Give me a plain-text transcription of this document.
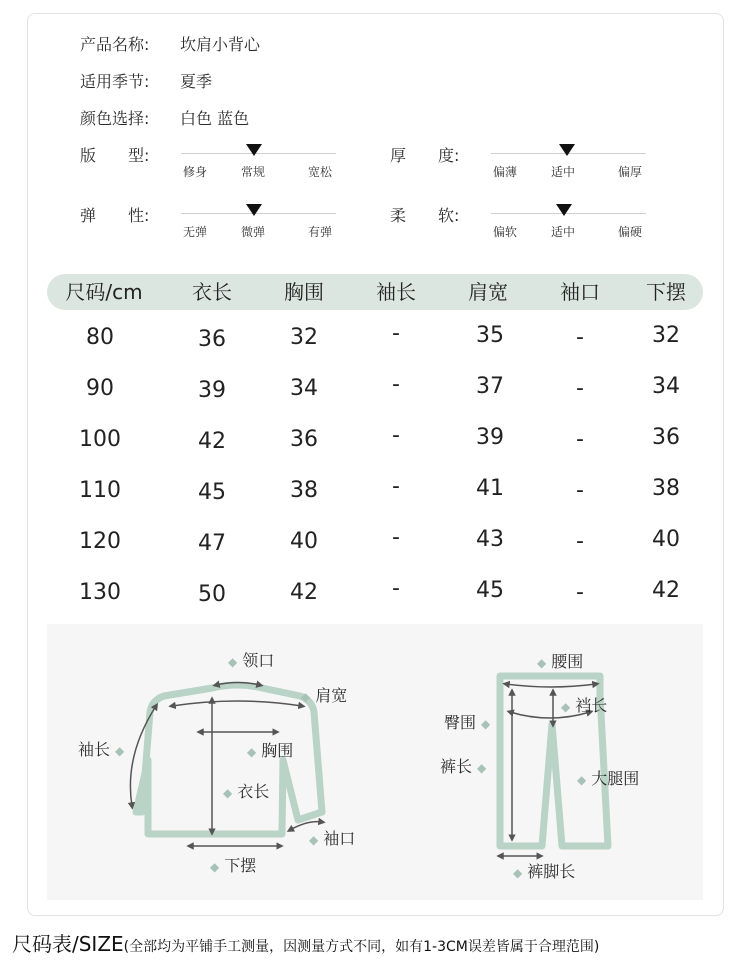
产品名称: 坎肩小背心
适用季节: 夏季
颜色选择: 白色 蓝色
版　　型:
修身	常规	宽松
厚　　度:
偏薄	适中	偏厚
弹　　性:
无弹	微弹	有弹
柔　　软:
偏软	适中	偏硬
尺码/cm 衣长	胸围	袖长	肩宽	袖口 下摆
80	36	32	-	35	-	32
90	39	34	-	37	-	34
100	42	36	-	39	-	36
110	45	38	-	41	-	38
120	47	40	-	43	-	40
130	50	42	-	45	-	42
◆ 领口
◆ 肩宽
袖长 ◆	◆ 胸围
◆ 衣长
◆ 袖口
◆ 下摆
◆ 腰围
◆ 裆长
臀围 ◆
裤长 ◆
◆ 大腿围
◆ 裤脚长
尺码表/SIZE(全部均为平铺手工测量，因测量方式不同，如有1-3CM误差皆属于合理范围)
